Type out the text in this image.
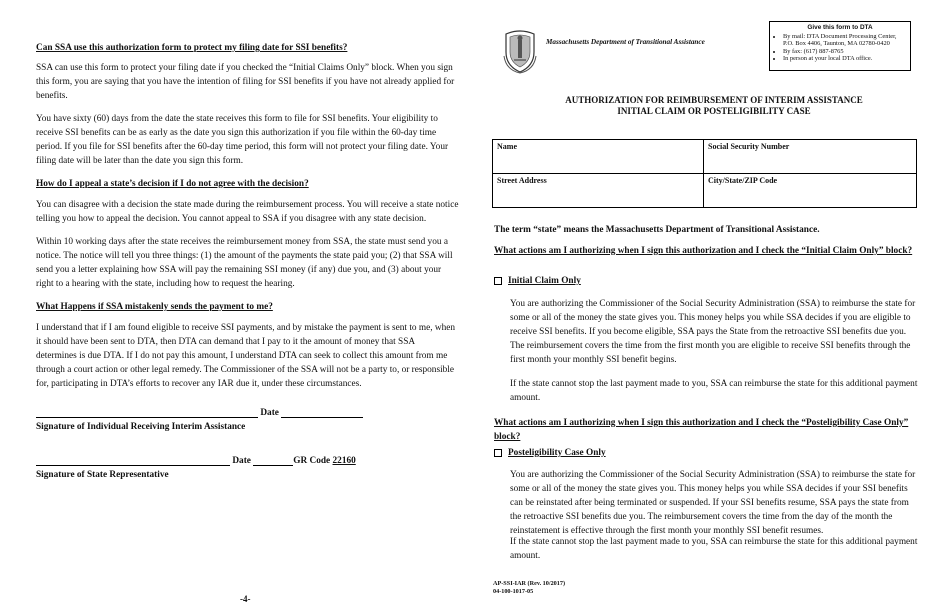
Can SSA use this authorization form to protect my filing date for SSI benefits?

SSA can use this form to protect your filing date if you checked the “Initial Claims Only” block. When you sign this form, you are saying that you have the intention of filing for SSI benefits if you have not already applied for benefits.

You have sixty (60) days from the date the state receives this form to file for SSI benefits. Your eligibility to receive SSI benefits can be as early as the date you sign this authorization if you file within the 60-day time period. If you file for SSI benefits after the 60-day time period, this form will not protect your filing date. Your filing date will be later than the date you sign this form.

How do I appeal a state’s decision if I do not agree with the decision?

You can disagree with a decision the state made during the reimbursement process. You will receive a state notice telling you how to appeal the decision. You cannot appeal to SSA if you disagree with any state decision.

Within 10 working days after the state receives the reimbursement money from SSA, the state must send you a notice. The notice will tell you three things: (1) the amount of the payments the state paid you; (2) that SSA will send you a letter explaining how SSA will pay the remaining SSI money (if any) due you, and (3) about your right to a hearing with the state, including how to request the hearing.

What Happens if SSA mistakenly sends the payment to me?

I understand that if I am found eligible to receive SSI payments, and by mistake the payment is sent to me, when it should have been sent to DTA, then DTA can demand that I pay to it the amount of money that SSA determines is due DTA. If I do not pay this amount, I understand DTA can seek to collect this amount from me through a court action or other legal remedy. The Commissioner of the SSA will not be a party to, or responsible for, participating in DTA’s efforts to recover any IAR due it, under these circumstances.

Date

Signature of Individual Receiving Interim Assistance

Date	GR Code 22160

Signature of State Representative

-4-
Massachusetts Department of Transitional Assistance
Give this form to DTA
• By mail: DTA Document Processing Center, P.O. Box 4406, Taunton, MA 02780-0420
• By fax: (617) 887-8765
• In person at your local DTA office.
AUTHORIZATION FOR REIMBURSEMENT OF INTERIM ASSISTANCE
INITIAL CLAIM OR POSTELIGIBILITY CASE
Name	Social Security Number
Street Address	City/State/ZIP Code

The term “state” means the Massachusetts Department of Transitional Assistance.

What actions am I authorizing when I sign this authorization and I check the “Initial Claim Only” block?
Initial Claim Only

You are authorizing the Commissioner of the Social Security Administration (SSA) to reimburse the state for some or all of the money the state gives you. This money helps you while SSA decides if you are eligible to receive SSI benefits. If you become eligible, SSA pays the State from the retroactive SSI benefits due you. The reimbursement covers the time from the first month you are eligible to receive SSI benefits through the first month your monthly SSI benefit begins.

If the state cannot stop the last payment made to you, SSA can reimburse the state for this additional payment amount.

What actions am I authorizing when I sign this authorization and I check the “Posteligibility Case Only” block?
Posteligibility Case Only

You are authorizing the Commissioner of the Social Security Administration (SSA) to reimburse the state for some or all of the money the state gives you. This money helps you while SSA decides if your SSI benefits can be reinstated after being terminated or suspended. If your SSI benefits resume, SSA pays the state from the retroactive SSI benefits due you. The reimbursement covers the time from the day of the month the reinstatement is effective through the first month your monthly SSI benefit resumes.

If the state cannot stop the last payment made to you, SSA can reimburse the state for this additional payment amount.

AP-SSI-IAR (Rev. 10/2017)
04-100-1017-05
